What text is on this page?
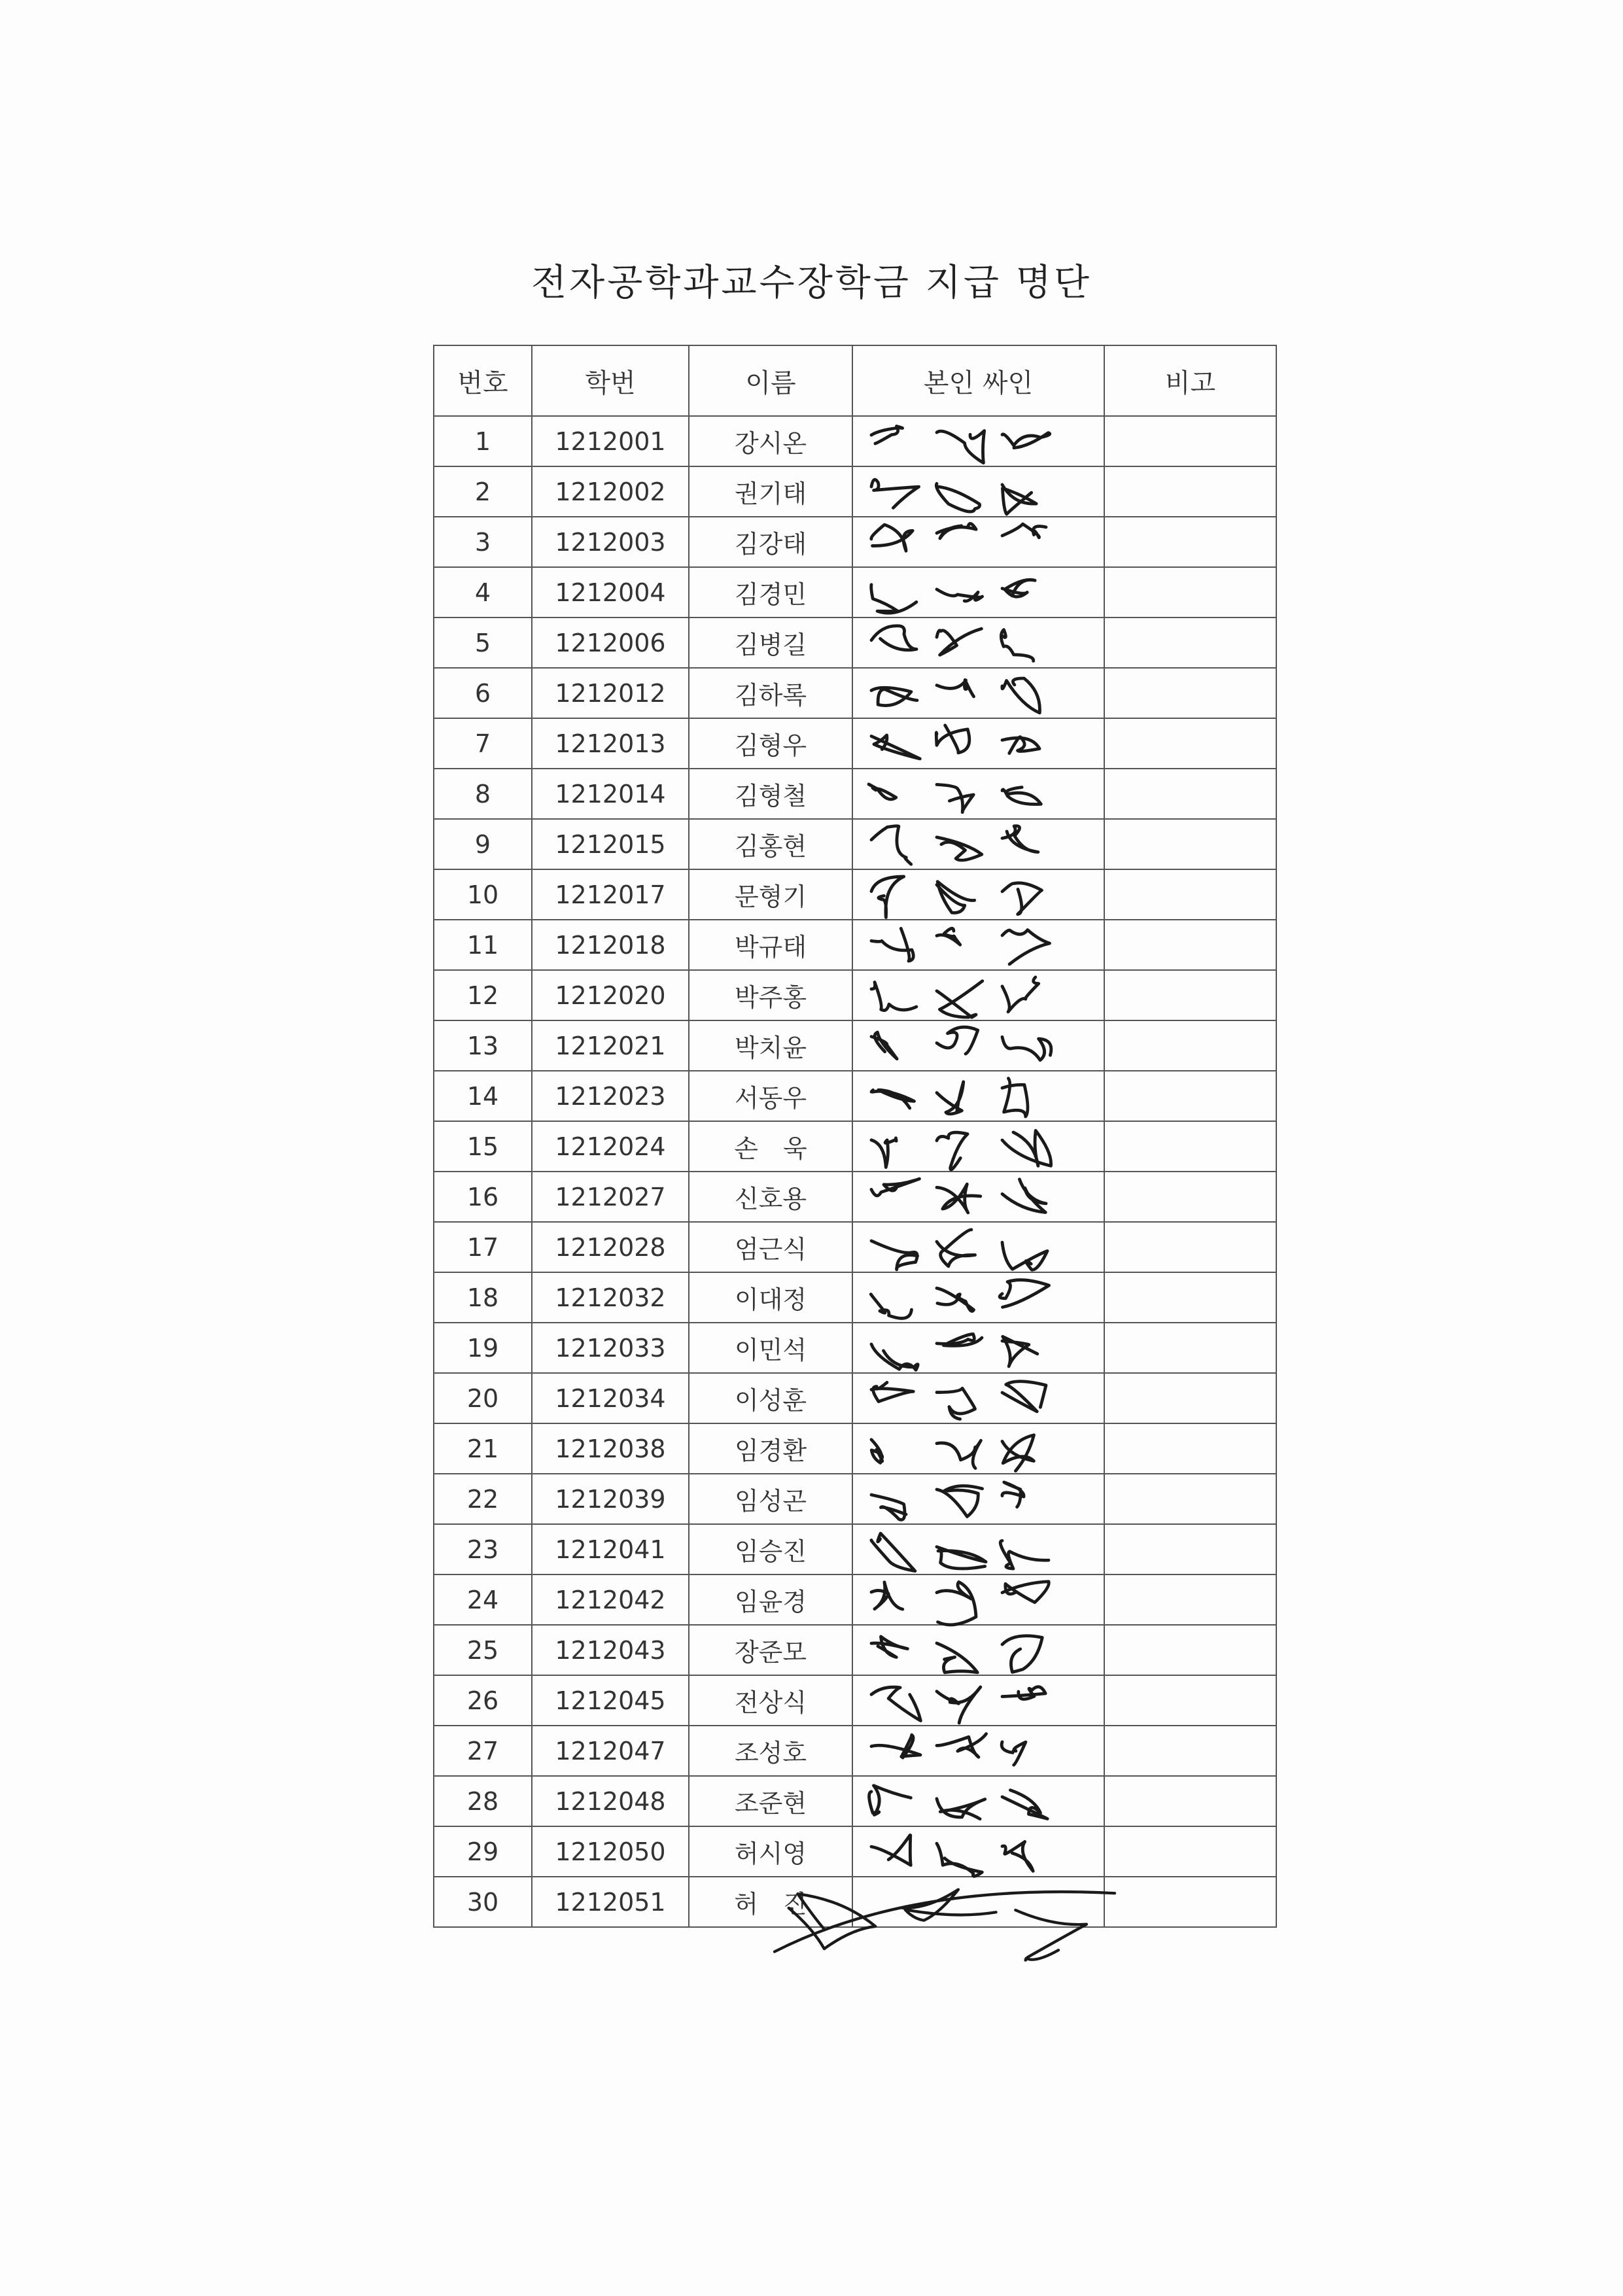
전자공학과교수장학금 지급 명단
번호	학번	이름	본인 싸인	비고
1	1212001	강시온	

2	1212002	권기태	

3	1212003	김강태	

4	1212004	김경민	

5	1212006	김병길	

6	1212012	김하록	

7	1212013	김형우	

8	1212014	김형철	

9	1212015	김홍현	

10	1212017	문형기	

11	1212018	박규태	

12	1212020	박주홍	

13	1212021	박치윤	

14	1212023	서동우	

15	1212024	손　욱	

16	1212027	신호용	

17	1212028	엄근식	

18	1212032	이대정	

19	1212033	이민석	

20	1212034	이성훈	

21	1212038	임경환	

22	1212039	임성곤	

23	1212041	임승진	

24	1212042	임윤경	

25	1212043	장준모	

26	1212045	전상식	

27	1212047	조성호	

28	1212048	조준현	

29	1212050	허시영	

30	1212051	허　진	
